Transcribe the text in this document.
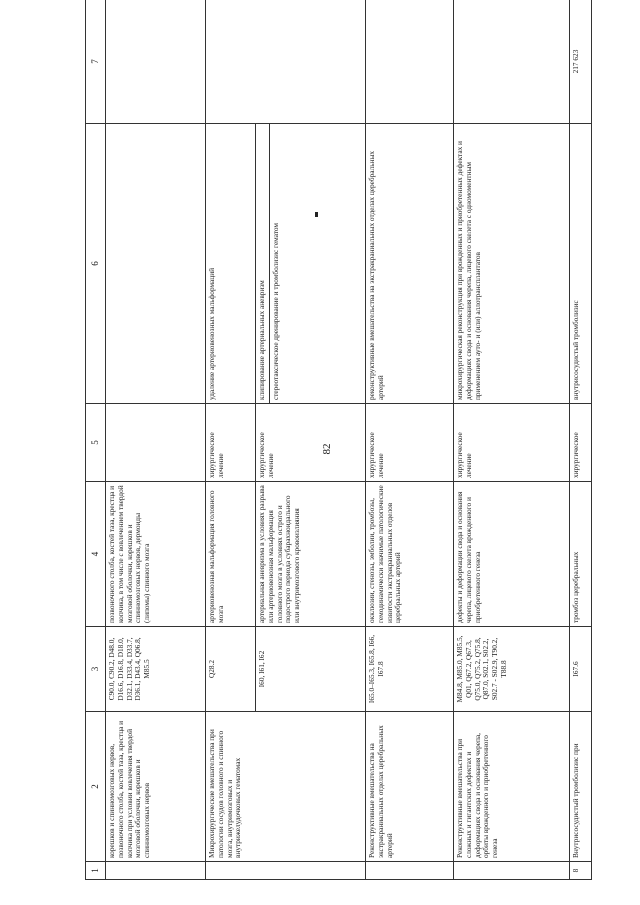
82
1	2	3	4	5	6	7
	корешков и спинномозговых нервов, позвоночного столба, костей таза, крестца и копчика при условии вовлечения твердой мозговой оболочки, корешков и спинномозговых нервов	C90.0, C90.2, D48.0, D16.6, D16.8, D18.0, D32.1, D33.4, D33.7, D36.1, D43.4, Q06.8, M85.5	позвоночного столба, костей таза, крестца и копчика, в том числе с вовлечением твердой мозговой оболочки, корешков и спинномозговых нервов, дермоиды (липомы) спинного мозга			
	Микрохирургические вмешательства при патологии сосудов головного и спинного мозга, внутримозговых и внутрижелудочковых гематомах	Q28.2	артериовенозная мальформация головного мозга	хирургическое лечение	удаление артериовенозных мальформаций	
		I60, I61, I62	артериальная аневризма в условиях разрыва или артериовенозная мальформация головного мозга в условиях острого и подострого периода субарахноидального или внутримозгового кровоизлияния	хирургическое лечение	клипирование артериальных аневризм	
					стереотаксическое дренирование и тромболизис гематом	
	Реконструктивные вмешательства на экстракраниальных отделах церебральных артерий	I65.0–I65.3, I65.8, I66, I67.8	окклюзии, стенозы, эмболии, тромбозы, гемодинамически значимые патологические извитости экстракраниальных отделов церебральных артерий	хирургическое лечение	реконструктивные вмешательства на экстракраниальных отделах церебральных артерий	
	Реконструктивные вмешательства при сложных и гигантских дефектах и деформациях свода и основания черепа, орбиты врожденного и приобретенного генеза	M84.8, M85.0, M85.5, Q01, Q67.2, Q67.3, Q75.0, Q75.2, Q75.8, Q87.0, S02.1, S02.2, S02.7 - S02.9, T90.2, T88.8	дефекты и деформации свода и основания черепа, лицевого скелета врожденного и приобретенного генеза	хирургическое лечение	микрохирургическая реконструкция при врожденных и приобретенных дефектах и деформациях свода и основания черепа, лицевого скелета с одномоментным применением ауто- и (или) аллотрансплантатов	
8	Внутрисосудистый тромболизис при	I67.6	тромбоз церебральных	хирургическое	внутрисосудистый тромболизис	217 623
